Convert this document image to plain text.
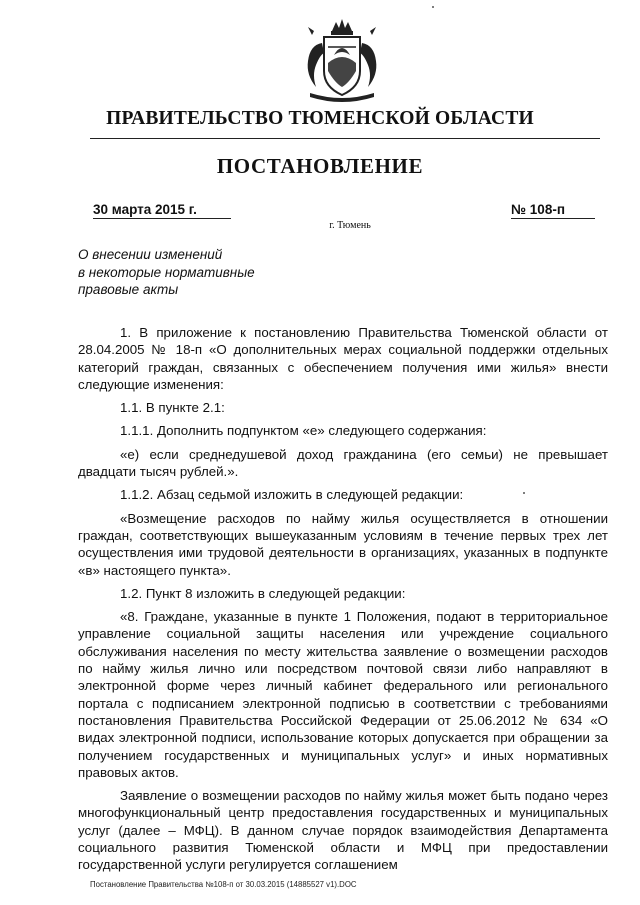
ПРАВИТЕЛЬСТВО ТЮМЕНСКОЙ ОБЛАСТИ
ПОСТАНОВЛЕНИЕ
30 марта 2015 г.	№ 108-п
г. Тюмень
О внесении изменений
в некоторые нормативные
правовые акты

1. В приложение к постановлению Правительства Тюменской области от 28.04.2005 № 18-п «О дополнительных мерах социальной поддержки отдельных категорий граждан, связанных с обеспечением получения ими жилья» внести следующие изменения:

1.1. В пункте 2.1:

1.1.1. Дополнить подпунктом «е» следующего содержания:

«е) если среднедушевой доход гражданина (его семьи) не превышает двадцати тысяч рублей.».

1.1.2. Абзац седьмой изложить в следующей редакции:

«Возмещение расходов по найму жилья осуществляется в отношении граждан, соответствующих вышеуказанным условиям в течение первых трех лет осуществления ими трудовой деятельности в организациях, указанных в подпункте «в» настоящего пункта».

1.2. Пункт 8 изложить в следующей редакции:

«8. Граждане, указанные в пункте 1 Положения, подают в территориальное управление социальной защиты населения или учреждение социального обслуживания населения по месту жительства заявление о возмещении расходов по найму жилья лично или посредством почтовой связи либо направляют в электронной форме через личный кабинет федерального или регионального портала с подписанием электронной подписью в соответствии с требованиями постановления Правительства Российской Федерации от 25.06.2012 № 634 «О видах электронной подписи, использование которых допускается при обращении за получением государственных и муниципальных услуг» и иных нормативных правовых актов.

Заявление о возмещении расходов по найму жилья может быть подано через многофункциональный центр предоставления государственных и муниципальных услуг (далее – МФЦ). В данном случае порядок взаимодействия Департамента социального развития Тюменской области и МФЦ при предоставлении государственной услуги регулируется соглашением

Постановление Правительства №108-п от 30.03.2015 (14885527 v1).DOC
